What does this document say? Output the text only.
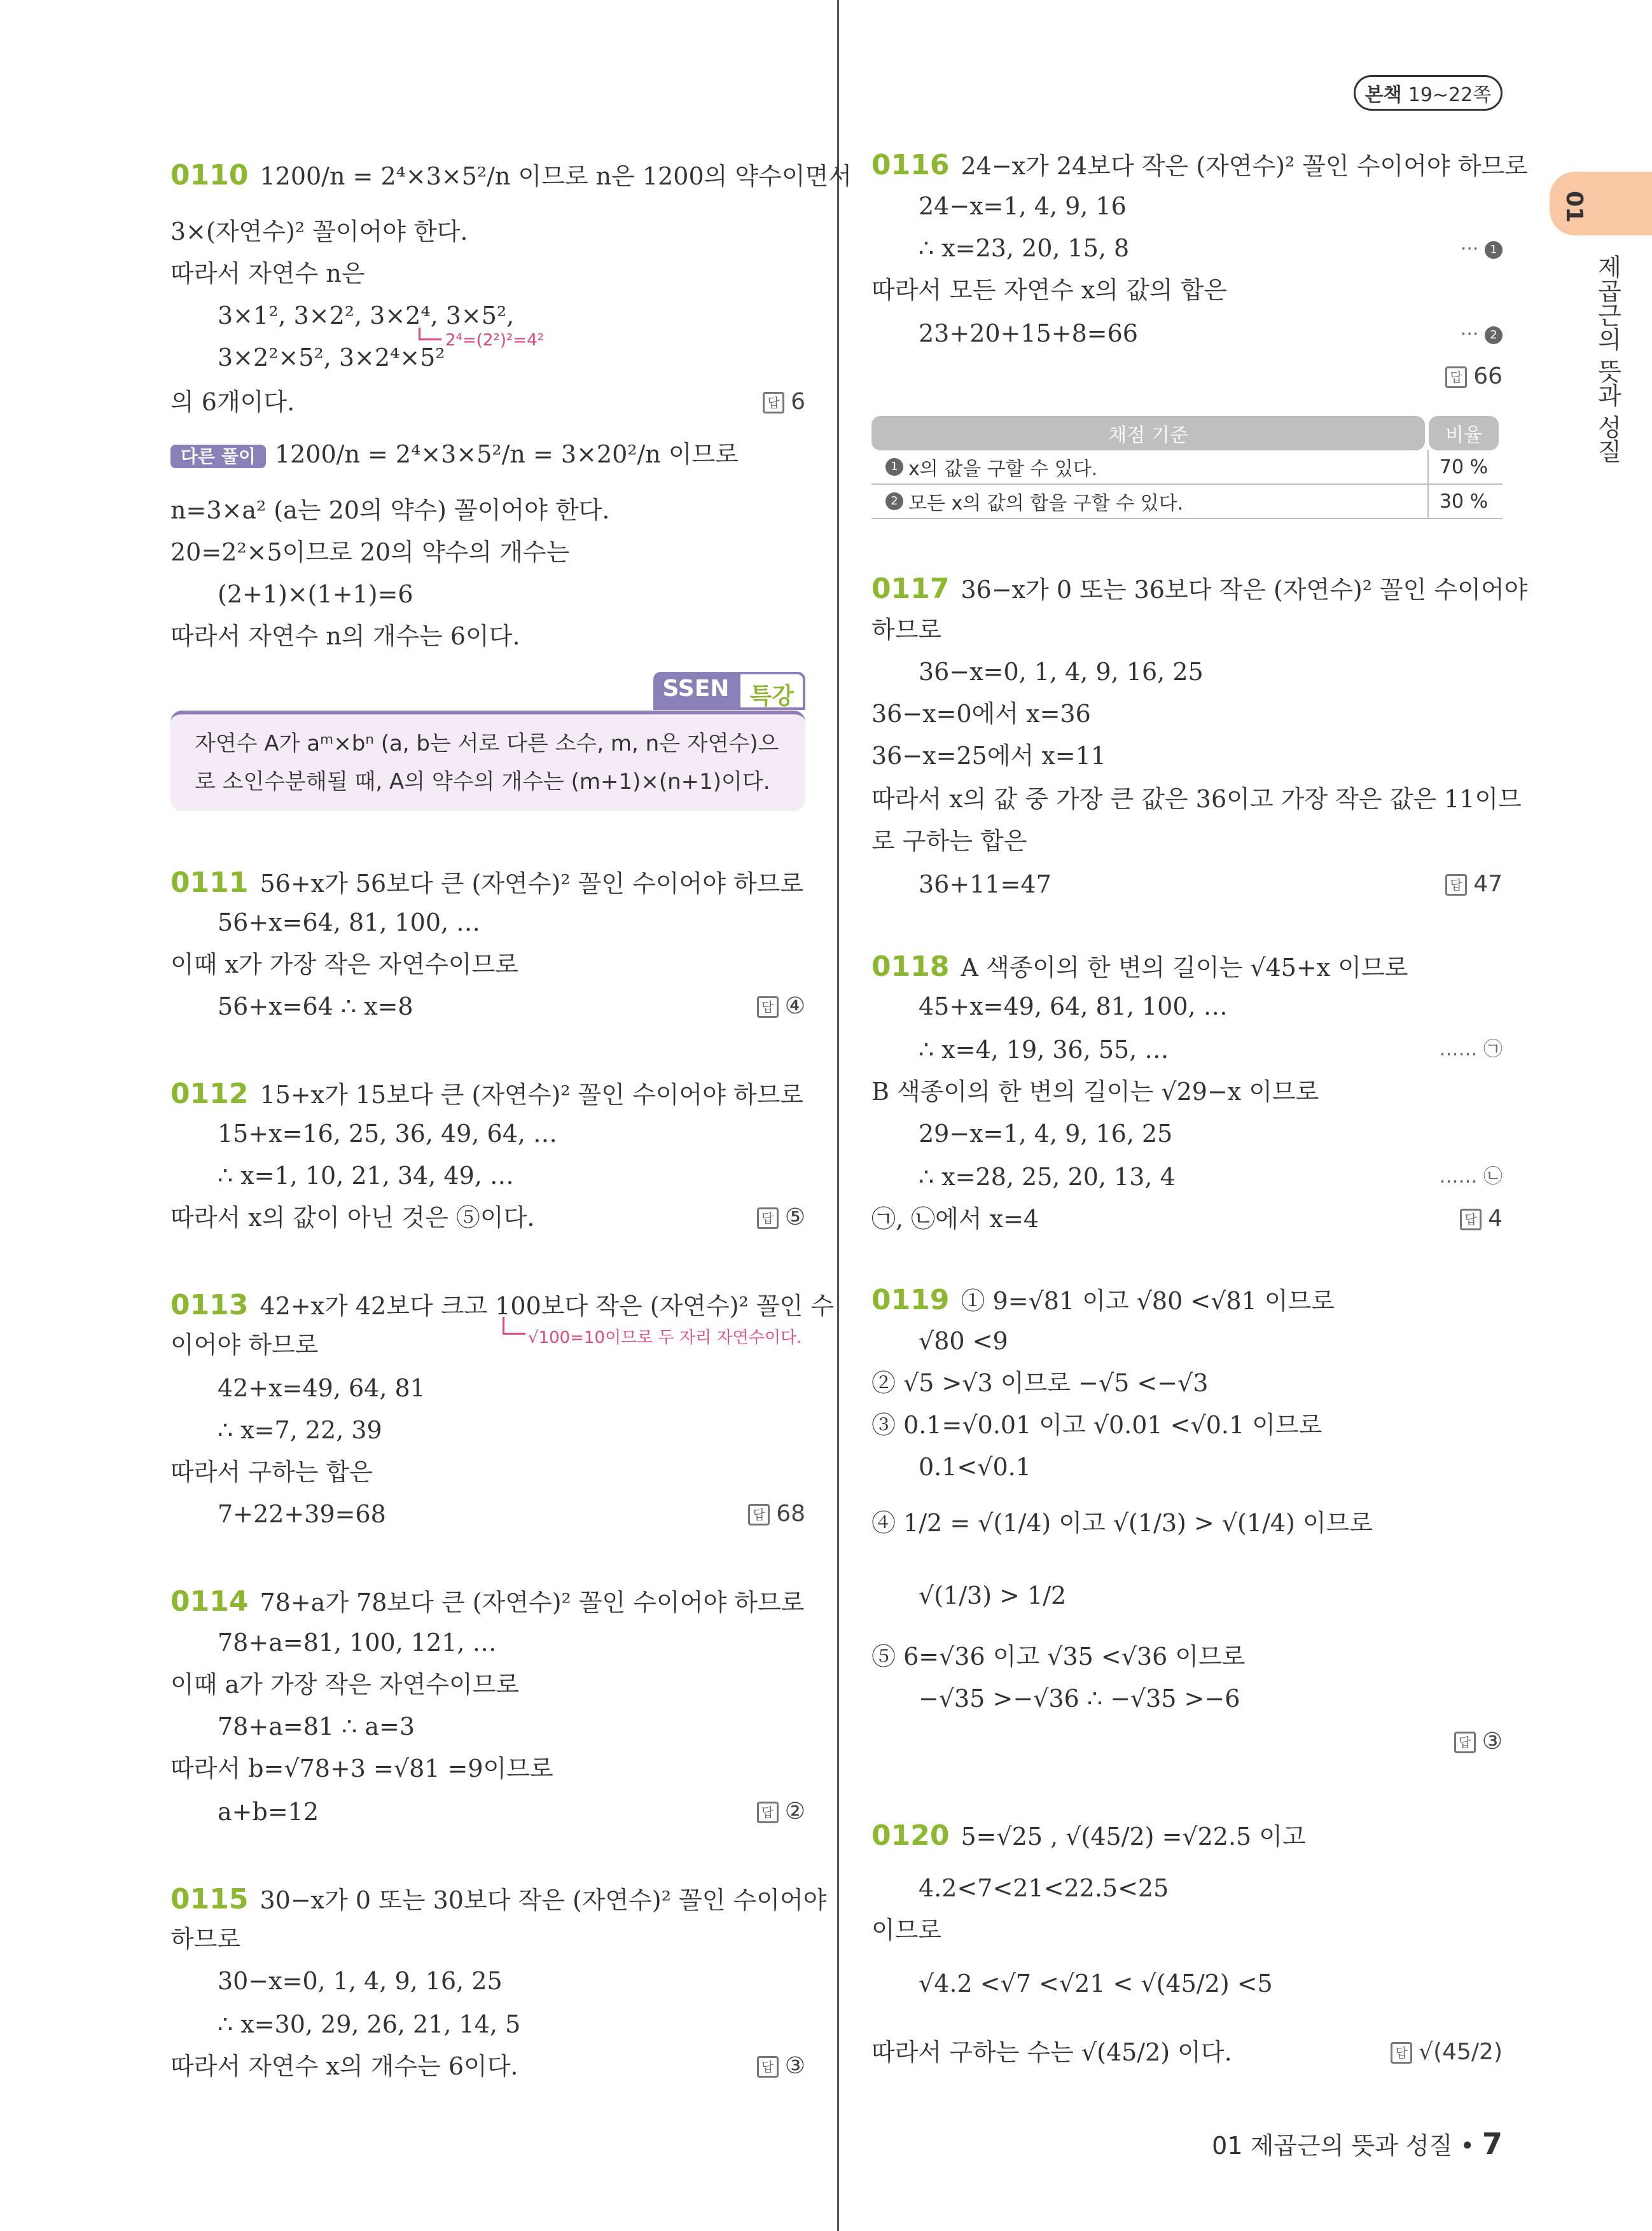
본책 19∼22쪽
01
제곱근의 뜻과 성질
0110 1200/n = 2⁴×3×5²/n 이므로 n은 1200의 약수이면서
3×(자연수)² 꼴이어야 한다.
따라서 자연수 n은
3×1², 3×2², 3×2⁴, 3×5²,
2⁴=(2²)²=4²
3×2²×5², 3×2⁴×5²
의 6개이다.	답 6
다른 풀이 1200/n = 2⁴×3×5²/n = 3×20²/n 이므로
n=3×a² (a는 20의 약수) 꼴이어야 한다.
20=2²×5이므로 20의 약수의 개수는
(2+1)×(1+1)=6
따라서 자연수 n의 개수는 6이다.
SSEN 특강
자연수 A가 aᵐ×bⁿ (a, b는 서로 다른 소수, m, n은 자연수)으
로 소인수분해될 때, A의 약수의 개수는 (m+1)×(n+1)이다.
0111 56+x가 56보다 큰 (자연수)² 꼴인 수이어야 하므로
56+x=64, 81, 100, …
이때 x가 가장 작은 자연수이므로
56+x=64 ∴ x=8	답 ④
0112 15+x가 15보다 큰 (자연수)² 꼴인 수이어야 하므로
15+x=16, 25, 36, 49, 64, …
∴ x=1, 10, 21, 34, 49, …
따라서 x의 값이 아닌 것은 ⑤이다.	답 ⑤
0113 42+x가 42보다 크고 100보다 작은 (자연수)² 꼴인 수
√100=10이므로 두 자리 자연수이다.
이어야 하므로
42+x=49, 64, 81
∴ x=7, 22, 39
따라서 구하는 합은
7+22+39=68	답 68
0114 78+a가 78보다 큰 (자연수)² 꼴인 수이어야 하므로
78+a=81, 100, 121, …
이때 a가 가장 작은 자연수이므로
78+a=81 ∴ a=3
따라서 b=√78+3 =√81 =9이므로
a+b=12	답 ②
0115 30−x가 0 또는 30보다 작은 (자연수)² 꼴인 수이어야
하므로
30−x=0, 1, 4, 9, 16, 25
∴ x=30, 29, 26, 21, 14, 5
따라서 자연수 x의 개수는 6이다.	답 ③
0116 24−x가 24보다 작은 (자연수)² 꼴인 수이어야 하므로
24−x=1, 4, 9, 16
∴ x=23, 20, 15, 8	··· 1
따라서 모든 자연수 x의 값의 합은
23+20+15+8=66	··· 2
답 66
채점 기준	비율
1 x의 값을 구할 수 있다.	70 %
2 모든 x의 값의 합을 구할 수 있다.	30 %
0117 36−x가 0 또는 36보다 작은 (자연수)² 꼴인 수이어야
하므로
36−x=0, 1, 4, 9, 16, 25
36−x=0에서 x=36
36−x=25에서 x=11
따라서 x의 값 중 가장 큰 값은 36이고 가장 작은 값은 11이므
로 구하는 합은
36+11=47	답 47
0118 A 색종이의 한 변의 길이는 √45+x 이므로
45+x=49, 64, 81, 100, …
∴ x=4, 19, 36, 55, …	…… ㉠
B 색종이의 한 변의 길이는 √29−x 이므로
29−x=1, 4, 9, 16, 25
∴ x=28, 25, 20, 13, 4	…… ㉡
㉠, ㉡에서 x=4	답 4
0119 ① 9=√81 이고 √80 <√81 이므로
√80 <9
② √5 >√3 이므로 −√5 <−√3
③ 0.1=√0.01 이고 √0.01 <√0.1 이므로
0.1<√0.1
④ 1/2 = √(1/4) 이고 √(1/3) > √(1/4) 이므로
√(1/3) > 1/2
⑤ 6=√36 이고 √35 <√36 이므로
−√35 >−√36 ∴ −√35 >−6
답 ③
0120 5=√25 , √(45/2) =√22.5 이고
4.2<7<21<22.5<25
이므로
√4.2 <√7 <√21 < √(45/2) <5
따라서 구하는 수는 √(45/2) 이다.	답 √(45/2)
01 제곱근의 뜻과 성질 • 7
